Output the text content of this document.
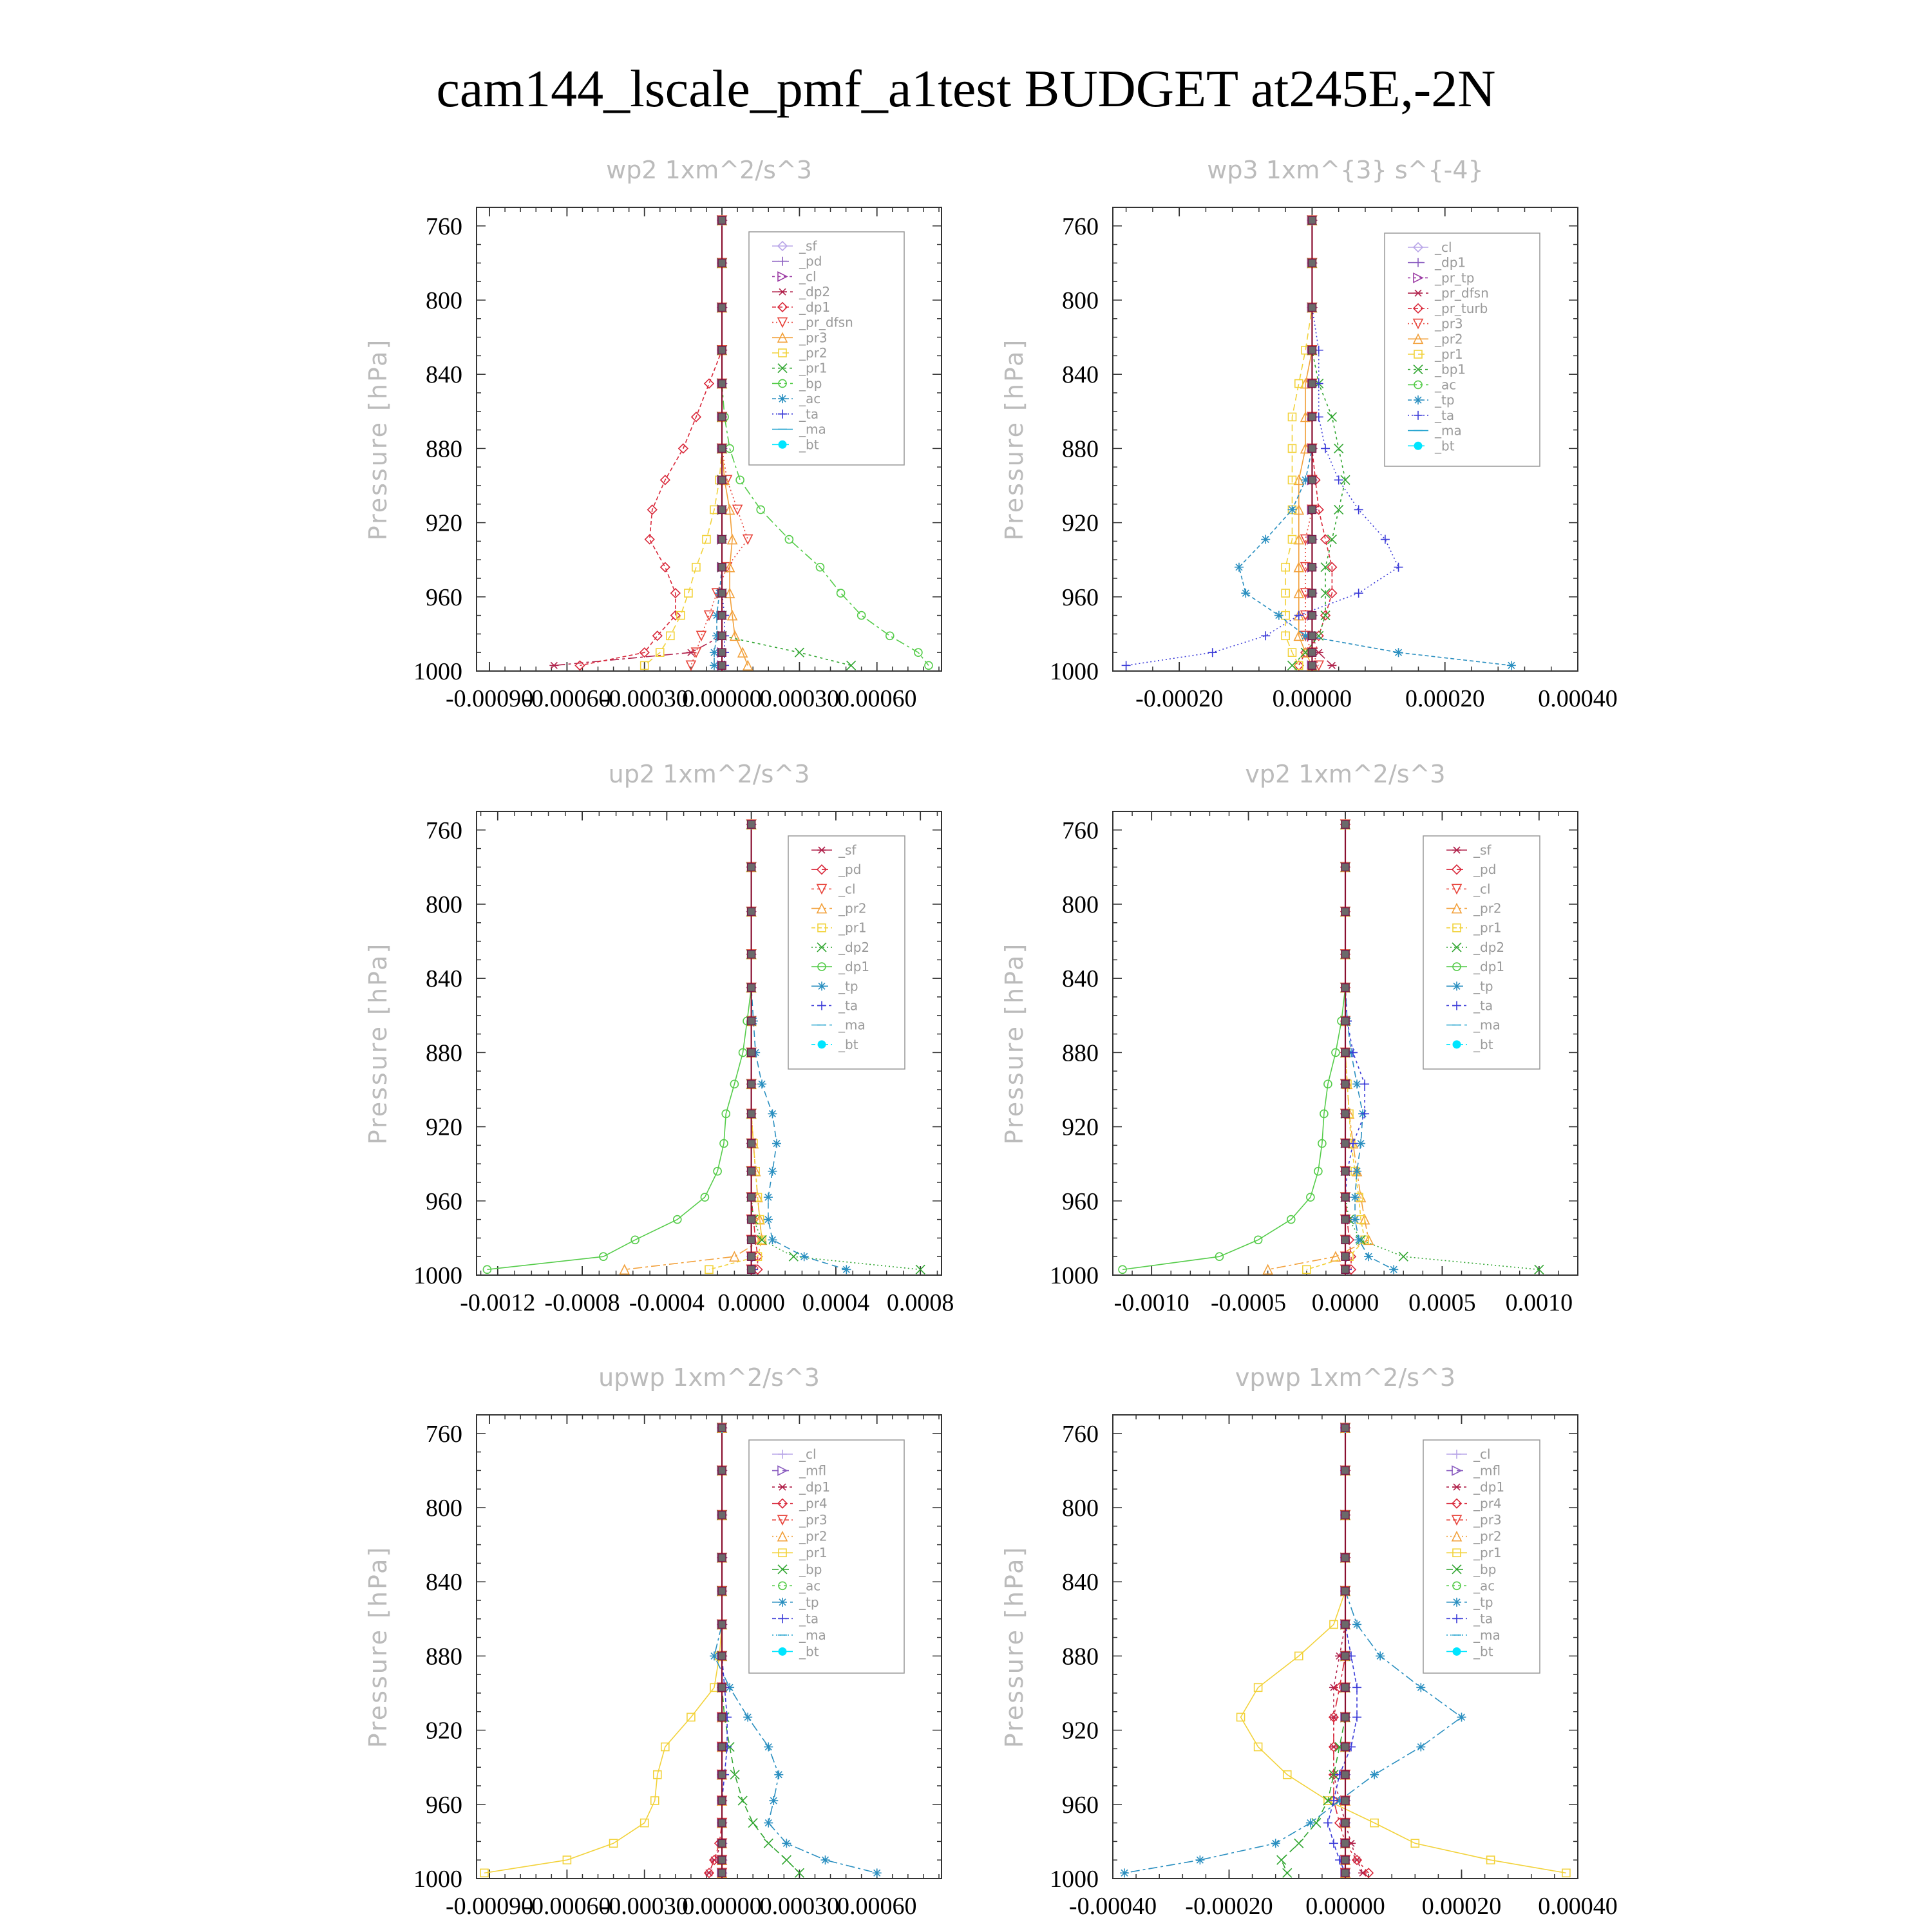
cam144_lscale_pmf_a1test BUDGET at245E,-2N
760
800
840
880
920
960
1000
-0.00090
-0.00060
-0.00030
0.00000
0.00030
0.00060
wp2 1xm^2/s^3
Pressure [hPa]
_sf
_pd
_cl
_dp2
_dp1
_pr_dfsn
_pr3
_pr2
_pr1
_bp
_ac
_ta
_ma
_bt
760
800
840
880
920
960
1000
-0.00020 0.00000 0.00020 0.00040
wp3 1xm^{3} s^{-4}
Pressure [hPa]
_cl
_dp1
_pr_tp
_pr_dfsn
_pr_turb
_pr3
_pr2
_pr1
_bp1
_ac
_tp
_ta
_ma
_bt
760
800
840
880
920
960
1000
-0.0012 -0.0008 -0.0004 0.0000 0.0004 0.0008
up2 1xm^2/s^3
Pressure [hPa]
_sf
_pd
_cl
_pr2
_pr1
_dp2
_dp1
_tp
_ta
_ma
_bt
760
800
840
880
920
960
1000
-0.0010 -0.0005 0.0000 0.0005 0.0010
vp2 1xm^2/s^3
Pressure [hPa]
_sf
_pd
_cl
_pr2
_pr1
_dp2
_dp1
_tp
_ta
_ma
_bt
760
800
840
880
920
960
1000
-0.00090
-0.00060
-0.00030
0.00000
0.00030
0.00060
upwp 1xm^2/s^3
Pressure [hPa]
_cl
_mfl
_dp1
_pr4
_pr3
_pr2
_pr1
_bp
_ac
_tp
_ta
_ma
_bt
760
800
840
880
920
960
1000
-0.00040 -0.00020 0.00000 0.00020 0.00040
vpwp 1xm^2/s^3
Pressure [hPa]
_cl
_mfl
_dp1
_pr4
_pr3
_pr2
_pr1
_bp
_ac
_tp
_ta
_ma
_bt
